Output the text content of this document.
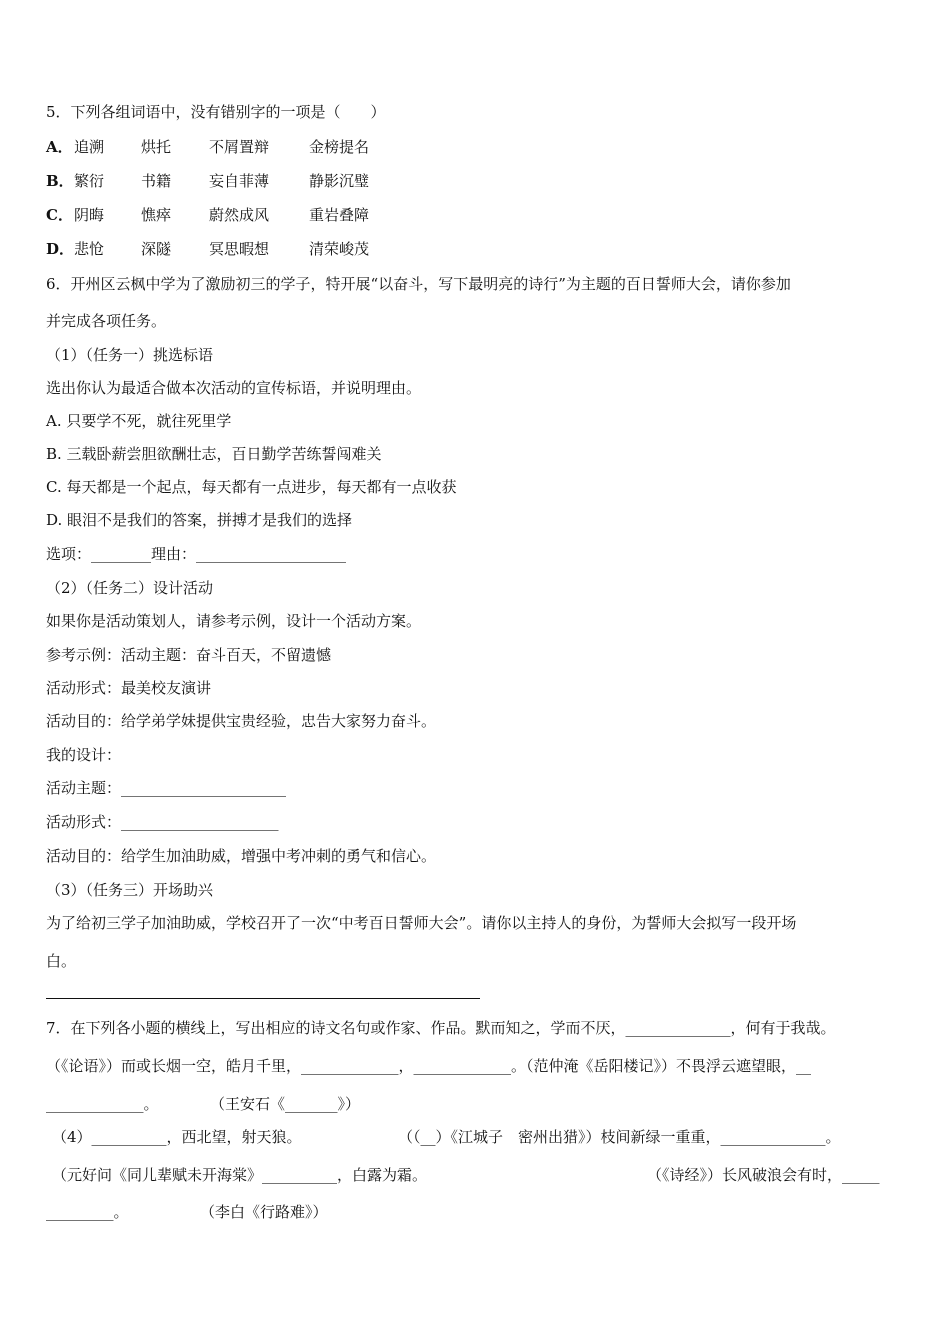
5．下列各组词语中，没有错别字的一项是（　　）
A． 追溯 烘托	不屑置辩	金榜提名
B． 繁衍 书籍	妄自菲薄	静影沉璧
C． 阴晦 憔瘁	蔚然成风	重岩叠障
D． 悲怆 深隧	冥思暇想	清荣峻茂
6．开州区云枫中学为了激励初三的学子，特开展“以奋斗，写下最明亮的诗行”为主题的百日誓师大会，请你参加
并完成各项任务。
（1）（任务一）挑选标语
选出你认为最适合做本次活动的宣传标语，并说明理由。
A. 只要学不死，就往死里学
B. 三载卧薪尝胆欲酬壮志，百日勤学苦练誓闯难关
C. 每天都是一个起点，每天都有一点进步，每天都有一点收获
D. 眼泪不是我们的答案，拼搏才是我们的选择
选项：________理由：____________________
（2）（任务二）设计活动
如果你是活动策划人，请参考示例，设计一个活动方案。
参考示例：活动主题：奋斗百天，不留遗憾
活动形式：最美校友演讲
活动目的：给学弟学妹提供宝贵经验，忠告大家努力奋斗。
我的设计：
活动主题：______________________
活动形式：_____________________
活动目的：给学生加油助威，增强中考冲刺的勇气和信心。
（3）（任务三）开场助兴
为了给初三学子加油助威，学校召开了一次“中考百日誓师大会”。请你以主持人的身份，为誓师大会拟写一段开场
白。
7．在下列各小题的横线上，写出相应的诗文名句或作家、作品。默而知之，学而不厌，______________，何有于我哉。
（《论语》）而或长烟一空，皓月千里，_____________，_____________。（范仲淹《岳阳楼记》）不畏浮云遮望眼，__
_____________。	（王安石《_______》）
（4）__________，西北望，射天狼。	（（__）《江城子　密州出猎》）枝间新绿一重重，______________。
（元好问《同儿辈赋未开海棠》__________，白露为霜。	（《诗经》）长风破浪会有时，_____
_________。	（李白《行路难》）
